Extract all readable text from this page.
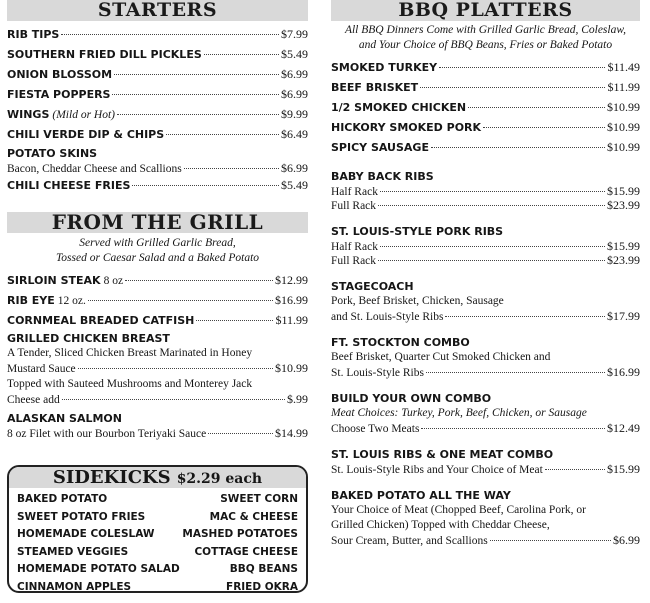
STARTERS
RIB TIPS	$7.99
SOUTHERN FRIED DILL PICKLES	$5.49
ONION BLOSSOM	$6.99
FIESTA POPPERS	$6.99
WINGS (Mild or Hot)	$9.99
CHILI VERDE DIP & CHIPS	$6.49
POTATO SKINS
Bacon, Cheddar Cheese and Scallions	$6.99
CHILI CHEESE FRIES	$5.49
FROM THE GRILL
Served with Grilled Garlic Bread,
Tossed or Caesar Salad and a Baked Potato
SIRLOIN STEAK 8 oz	$12.99
RIB EYE 12 oz.	$16.99
CORNMEAL BREADED CATFISH	$11.99
GRILLED CHICKEN BREAST
A Tender, Sliced Chicken Breast Marinated in Honey
Mustard Sauce	$10.99
Topped with Sauteed Mushrooms and Monterey Jack
Cheese add	$.99
ALASKAN SALMON
8 oz Filet with our Bourbon Teriyaki Sauce	$14.99
SIDEKICKS $2.29 each
BAKED POTATO	SWEET CORN
SWEET POTATO FRIES	MAC & CHEESE
HOMEMADE COLESLAW	MASHED POTATOES
STEAMED VEGGIES	COTTAGE CHEESE
HOMEMADE POTATO SALAD	BBQ BEANS
CINNAMON APPLES	FRIED OKRA
BBQ PLATTERS
All BBQ Dinners Come with Grilled Garlic Bread, Coleslaw,
and Your Choice of BBQ Beans, Fries or Baked Potato
SMOKED TURKEY	$11.49
BEEF BRISKET	$11.99
1/2 SMOKED CHICKEN	$10.99
HICKORY SMOKED PORK	$10.99
SPICY SAUSAGE	$10.99
BABY BACK RIBS
Half Rack	$15.99
Full Rack	$23.99
ST. LOUIS-STYLE PORK RIBS
Half Rack	$15.99
Full Rack	$23.99
STAGECOACH
Pork, Beef Brisket, Chicken, Sausage
and St. Louis-Style Ribs	$17.99
FT. STOCKTON COMBO
Beef Brisket, Quarter Cut Smoked Chicken and
St. Louis-Style Ribs	$16.99
BUILD YOUR OWN COMBO
Meat Choices: Turkey, Pork, Beef, Chicken, or Sausage
Choose Two Meats	$12.49
ST. LOUIS RIBS & ONE MEAT COMBO
St. Louis-Style Ribs and Your Choice of Meat	$15.99
BAKED POTATO ALL THE WAY
Your Choice of Meat (Chopped Beef, Carolina Pork, or
Grilled Chicken) Topped with Cheddar Cheese,
Sour Cream, Butter, and Scallions	$6.99
